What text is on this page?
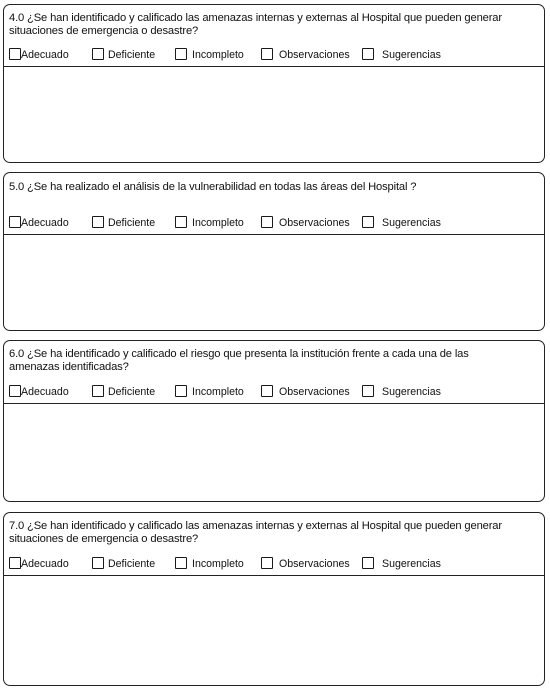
4.0 ¿Se han identificado y calificado las amenazas internas y externas al Hospital que pueden generar
situaciones de emergencia o desastre?

Adecuado	Deficiente	Incompleto	Observaciones	Sugerencias

5.0 ¿Se ha realizado el análisis de la vulnerabilidad en todas las áreas del Hospital ?

Adecuado	Deficiente	Incompleto	Observaciones	Sugerencias

6.0 ¿Se ha identificado y calificado el riesgo que presenta la institución frente a cada una de las
amenazas identificadas?

Adecuado	Deficiente	Incompleto	Observaciones	Sugerencias

7.0 ¿Se han identificado y calificado las amenazas internas y externas al Hospital que pueden generar
situaciones de emergencia o desastre?

Adecuado	Deficiente	Incompleto	Observaciones	Sugerencias
